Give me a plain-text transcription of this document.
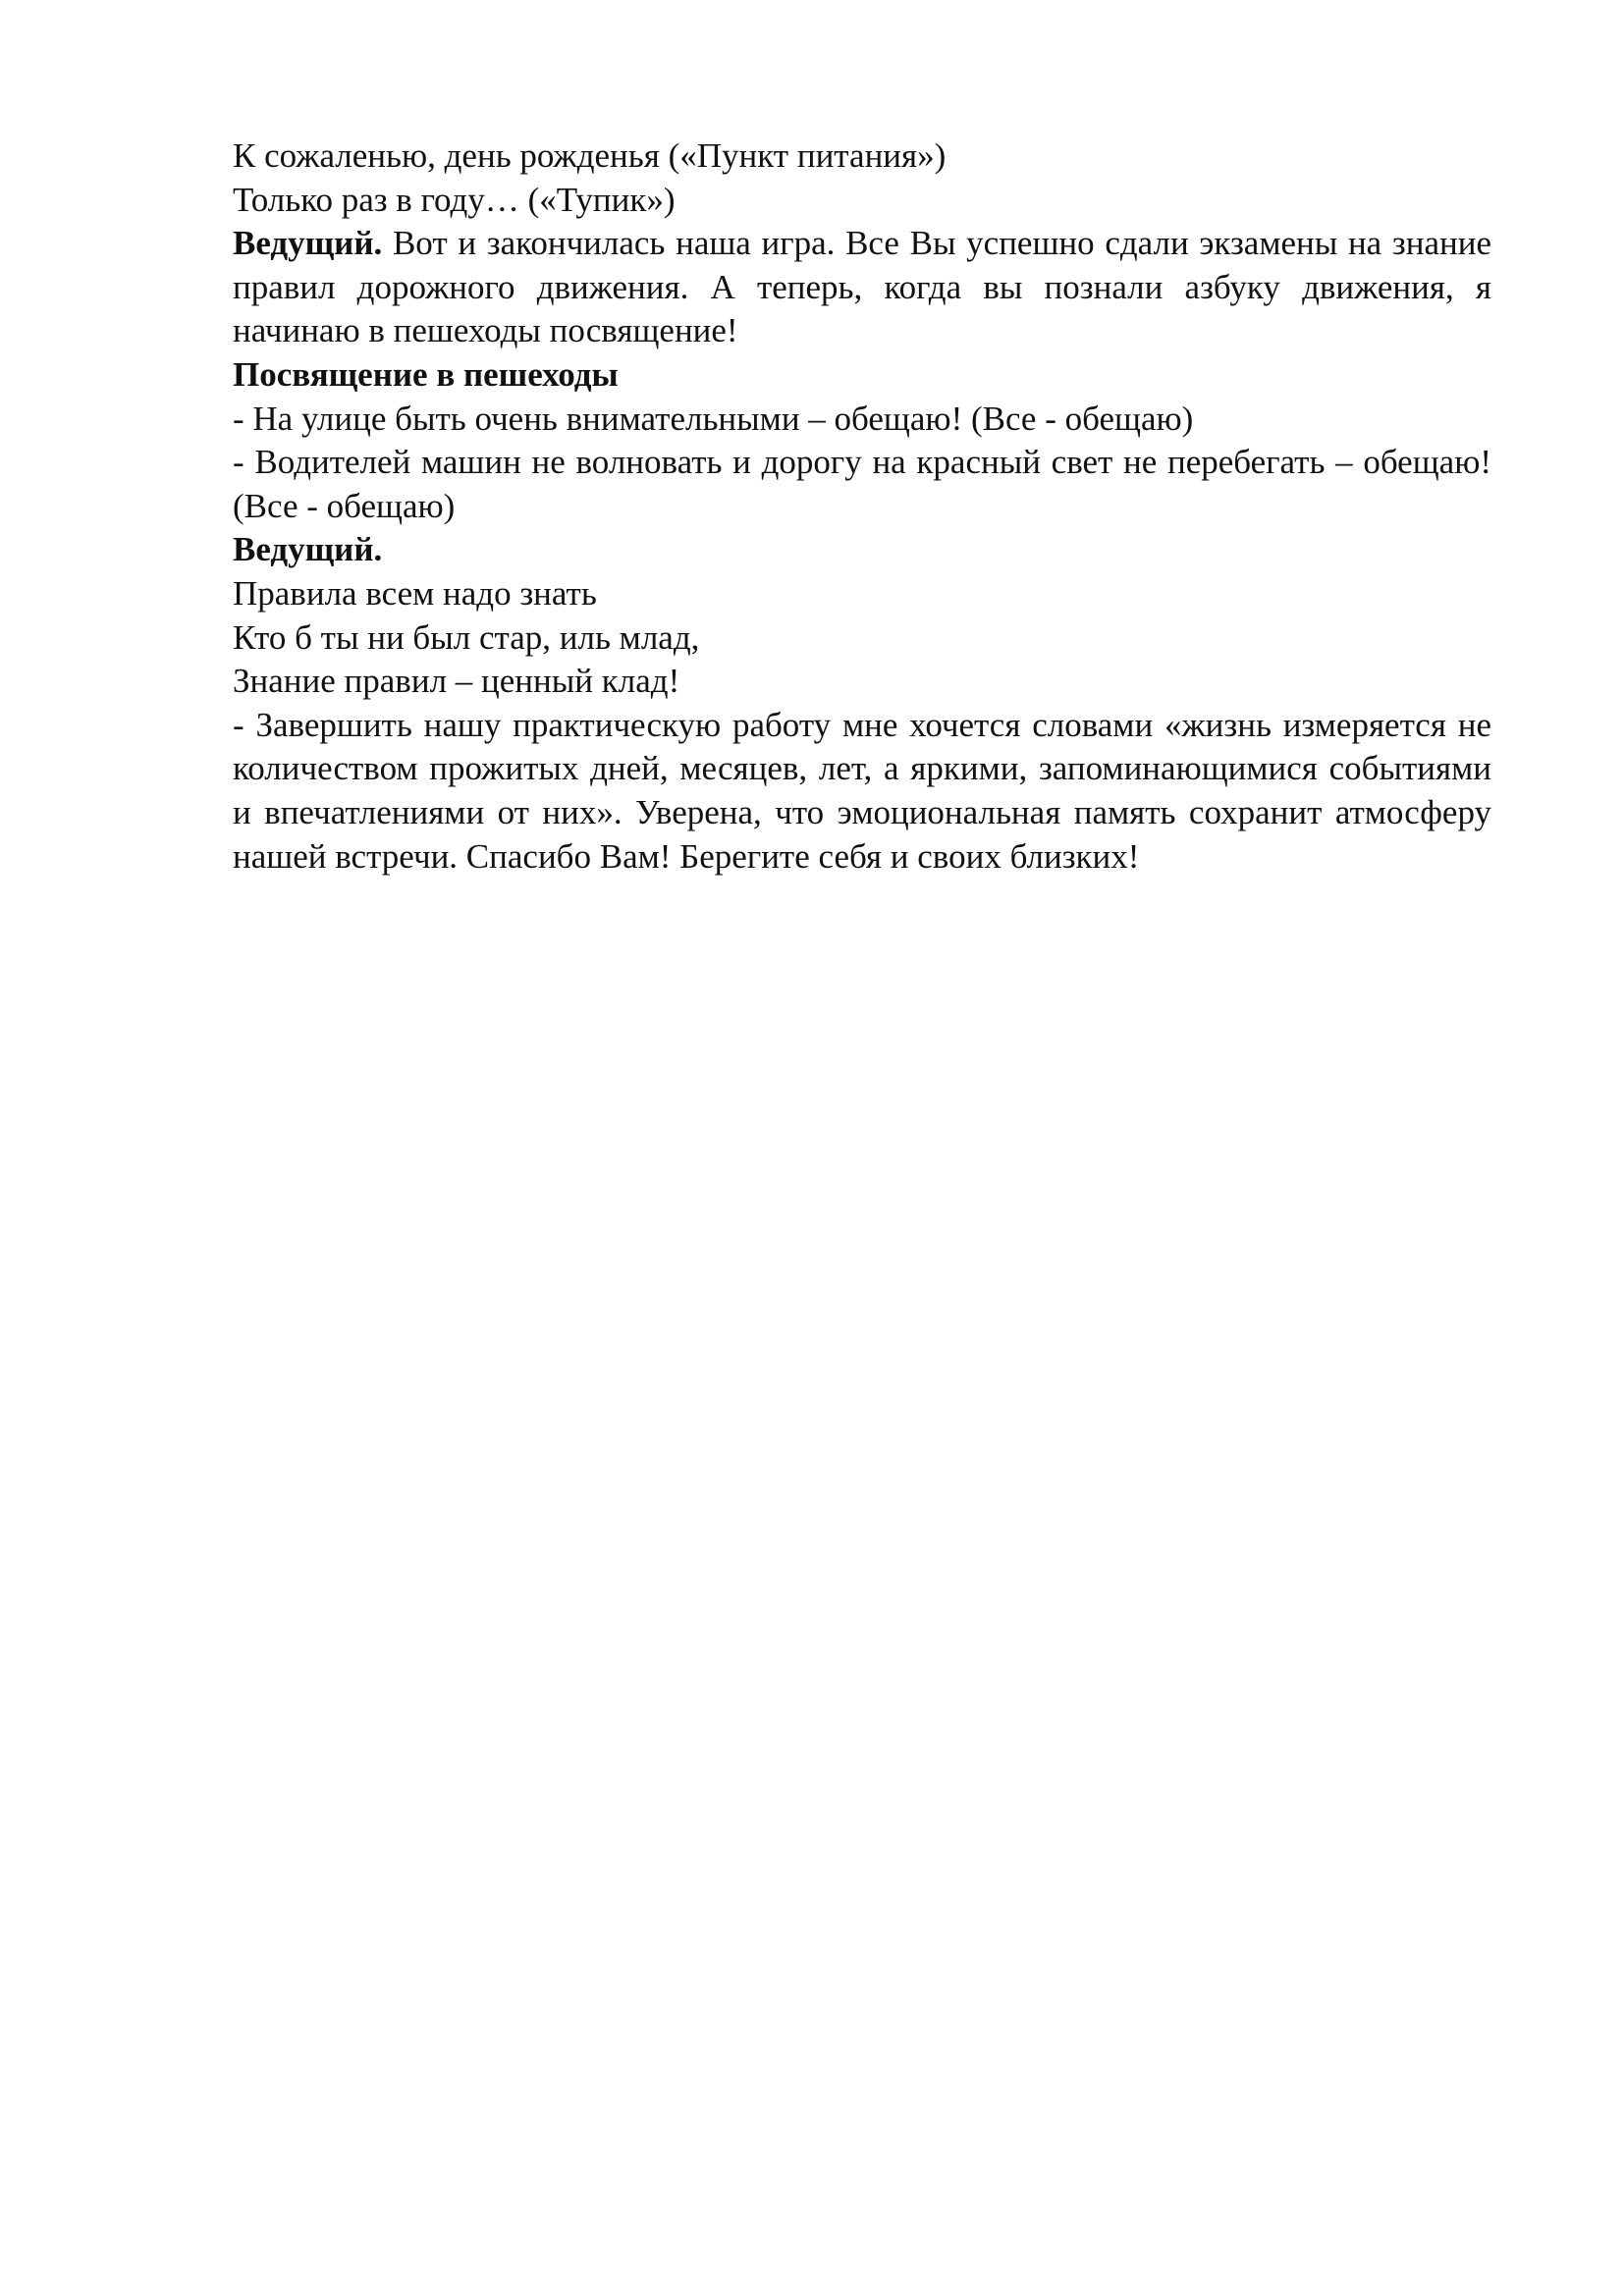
К сожаленью, день рожденья («Пункт питания»)

Только раз в году… («Тупик»)

Ведущий. Вот и закончилась наша игра. Все Вы успешно сдали экзамены на знание правил дорожного движения. А теперь, когда вы познали азбуку движения, я начинаю в пешеходы посвящение!

Посвящение в пешеходы

- На улице быть очень внимательными – обещаю! (Все - обещаю)

- Водителей машин не волновать и дорогу на красный свет не перебегать – обещаю! (Все - обещаю)

Ведущий.

Правила всем надо знать

Кто б ты ни был стар, иль млад,

Знание правил – ценный клад!

- Завершить нашу практическую работу мне хочется словами «жизнь измеряется не количеством прожитых дней, месяцев, лет, а яркими, запоминающимися событиями и впечатлениями от них». Уверена, что эмоциональная память сохранит атмосферу нашей встречи. Спасибо Вам! Берегите себя и своих близких!
